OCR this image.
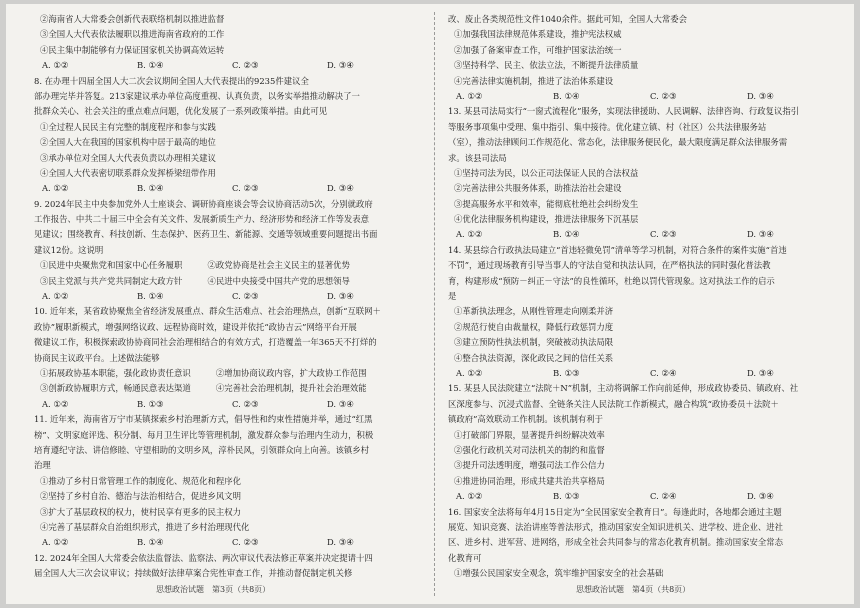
②海南省人大常委会创新代表联络机制以推进监督
③全国人大代表依法履职以推进海南省政府的工作
④民主集中制能够有力保证国家机关协调高效运转
A. ①②	B. ①④	C. ②③	D. ③④
8. 在办理十四届全国人大二次会议期间全国人大代表提出的9235件建议全
部办理完毕并答复。213家建议承办单位高度重视、认真负责，以务实举措推动解决了一
批群众关心、社会关注的重点难点问题，优化发展了一系列政策举措。由此可见
①全过程人民民主有完整的制度程序和参与实践
②全国人大在我国的国家机构中居于最高的地位
③承办单位对全国人大代表负责以办理相关建议
④全国人大代表密切联系群众发挥桥梁纽带作用
A. ①②	B. ①④	C. ②③	D. ③④
9. 2024年民主中央参加党外人士座谈会、调研协商座谈会等会议协商活动5次，分别就政府
工作报告、中共二十届三中全会有关文件、发展新质生产力、经济形势和经济工作等发表意
见建议；围绕教育、科技创新、生态保护、医药卫生、新能源、交通等领域重要问题提出书面
建议12份。这说明
①民进中央聚焦党和国家中心任务履职　　　②政党协商是社会主义民主的显著优势
③民主党派与共产党共同制定大政方针　　　④民进中央接受中国共产党的思想领导
A. ①②	B. ①④	C. ②③	D. ③④
10. 近年来，某省政协聚焦全省经济发展重点、群众生活难点、社会治理热点，创新“互联网＋
政协”履职新模式，增强网络议政、远程协商时效，建设并依托“政协吉云”网络平台开展
微建议工作，积极探索政协协商同社会治理相结合的有效方式，打造覆盖一年365天不打烊的
协商民主议政平台。上述做法能够
①拓展政协基本职能，强化政协责任意识　　　②增加协商议政内容，扩大政协工作范围
③创新政协履职方式，畅通民意表达渠道　　　④完善社会治理机制，提升社会治理效能
A. ①②	B. ①③	C. ②③	D. ③④
11. 近年来，海南省万宁市某镇探索乡村治理新方式，倡导性和约束性措施并举，通过“红黑
榜”、文明家庭评选、积分制、每月卫生评比等管理机制，激发群众参与治理内生动力，积极
培育遵纪守法、讲信修睦、守望相助的文明乡风，淳朴民风，引领群众向上向善。该镇乡村
治理
①推动了乡村日常管理工作的制度化、规范化和程序化
②坚持了乡村自治、德治与法治相结合，促进乡风文明
③扩大了基层政权的权力，使村民享有更多的民主权力
④完善了基层群众自治组织形式，推进了乡村治理现代化
A. ①②	B. ①④	C. ②③	D. ③④
12. 2024年全国人大常委会依法监督法、监察法、两次审议代表法修正草案并决定提请十四
届全国人大三次会议审议；持续做好法律草案合宪性审查工作，并推动督促制定机关修
改、废止各类规范性文件1040余件。据此可知，全国人大常委会
①加强我国法律规范体系建设，推护宪法权威
②加强了备案审查工作，可维护国家法治统一
③坚持科学、民主、依法立法，不断提升法律质量
④完善法律实施机制，推进了法治体系建设
A. ①②	B. ①④	C. ②③	D. ③④
13. 某县司法局实行“一窗式流程化”服务，实现法律援助、人民调解、法律咨询、行政复议指引
等服务事项集中受理、集中指引、集中接待。优化建立镇、村（社区）公共法律服务站
（室），推动法律顾问工作规范化、常态化，法律服务便民化，最大限度满足群众法律服务需
求。该县司法局
①坚持司法为民，以公正司法保证人民的合法权益
②完善法律公共服务体系，助推法治社会建设
③提高服务水平和效率，能彻底杜绝社会纠纷发生
④优化法律服务机构建设，推进法律服务下沉基层
A. ①②	B. ①④	C. ②③	D. ③④
14. 某县综合行政执法局建立“首违轻微免罚”清单等学习机制，对符合条件的案件实施“首违
不罚”，通过现场教育引导当事人的守法自觉和执法认同，在严格执法的同时强化普法教
育，构建形成“预防－纠正－守法”的良性循环，杜绝以罚代管现象。这对执法工作的启示
是
①革新执法理念，从刚性管理走向刚柔并济
②规范行使自由裁量权，降低行政惩罚力度
③建立预防性执法机制，突破被动执法局限
④整合执法资源，深化政民之间的信任关系
A. ①②	B. ①③	C. ②④	D. ③④
15. 某县人民法院建立“法院＋N”机制，主动将调解工作向前延伸，形成政协委员、镇政府、社
区深度参与、沉浸式监督、全链条关注人民法院工作新模式，融合构筑“政协委员＋法院＋
镇政府”高效联动工作机制。该机制有利于
①打破部门界限，显著提升纠纷解决效率
②强化行政机关对司法机关的制约和监督
③提升司法透明度，增强司法工作公信力
④推进协同治理，形成共建共治共享格局
A. ①②	B. ①③	C. ②④	D. ③④
16. 国家安全法将每年4月15日定为“全民国家安全教育日”。每逢此时，各地都会通过主题
展览、知识竞赛、法治讲座等普法形式，推动国家安全知识进机关、进学校、进企业、进社
区、进乡村、进军营、进网络，形成全社会共同参与的常态化教育机制。推动国家安全常态
化教育可
①增强公民国家安全观念，筑牢维护国家安全的社会基础
思想政治试题　第3页（共8页）	思想政治试题　第4页（共8页）
